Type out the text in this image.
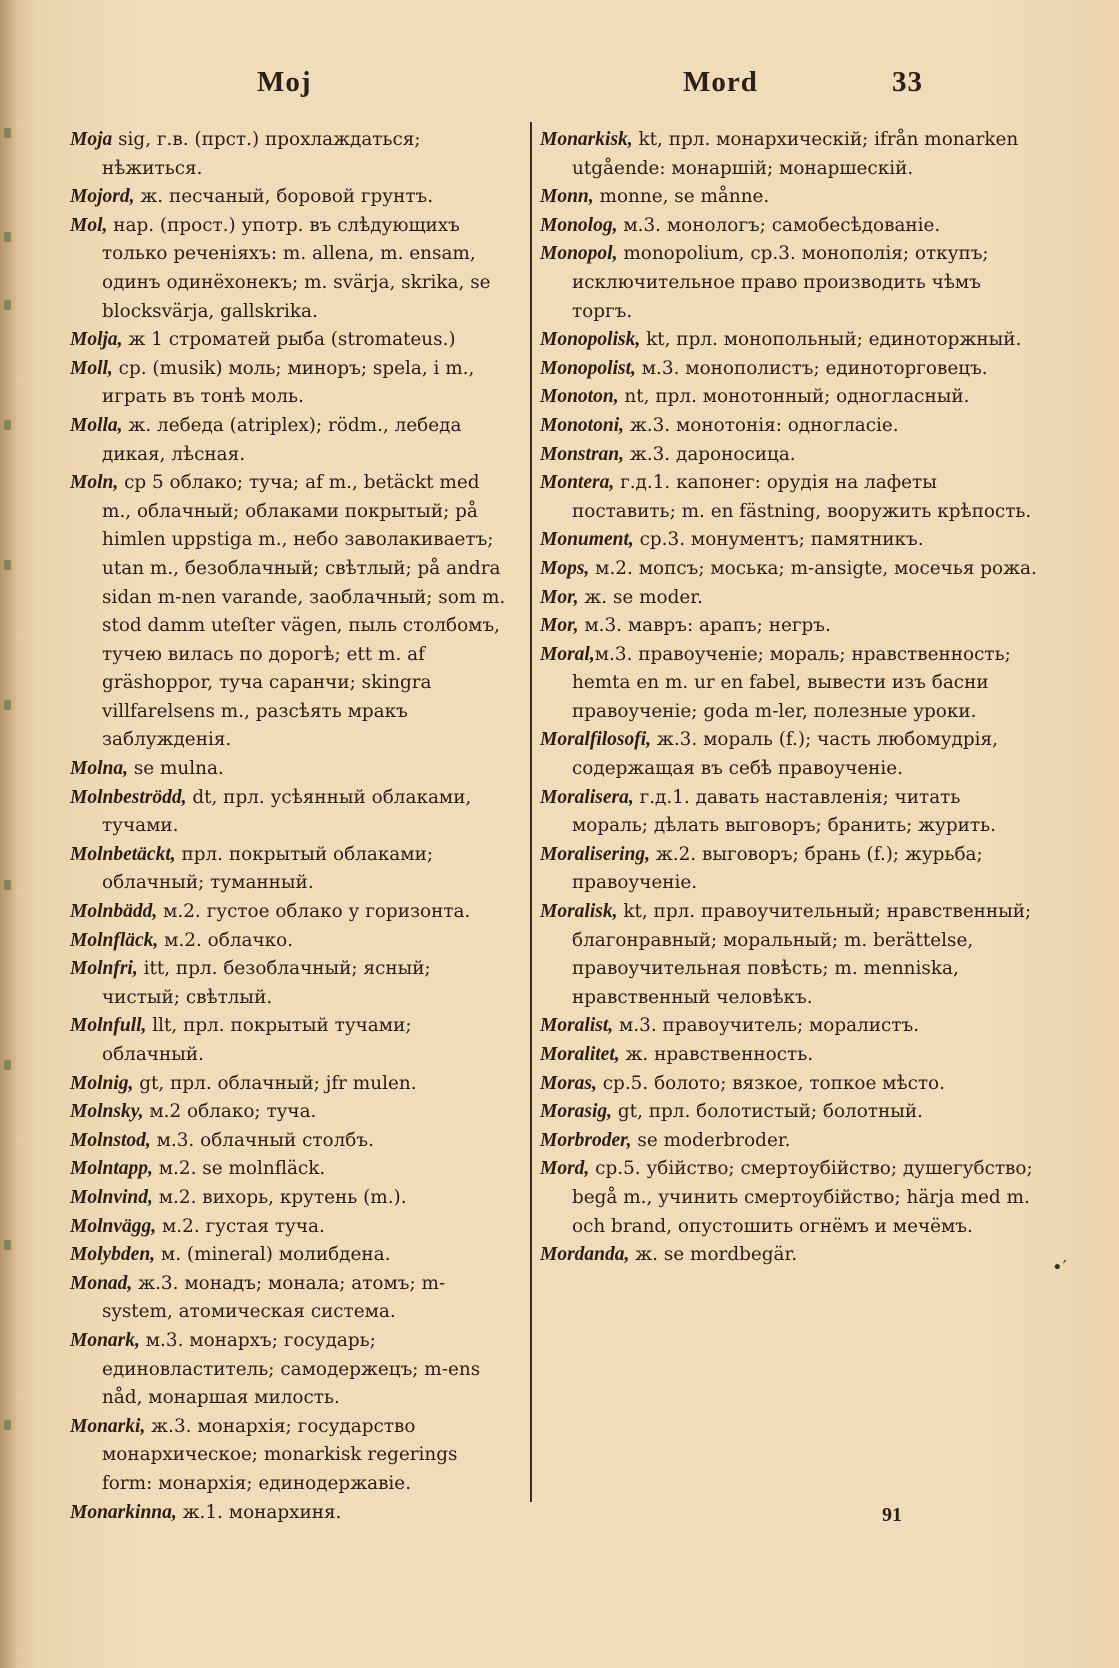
Moj	Mord	33

Moja sig, г.в. (прст.) прохлаждаться; нѣжиться.

Mojord, ж. песчаный, боровой грунтъ.

Mol, нар. (прост.) употр. въ слѣдующихъ только реченіяхъ: m. allena, m. ensam, одинъ одинёхонекъ; m. svärja, skrika, se blocksvärja, gallskrika.

Molja, ж 1 строматей рыба (stromateus.)

Moll, ср. (musik) моль; миноръ; spela, i m., играть въ тонѣ моль.

Molla, ж. лебеда (atriplex); rödm., лебеда дикая, лѣсная.

Moln, ср 5 облако; туча; af m., betäckt med m., облачный; облаками покрытый; på himlen uppstiga m., небо заволакиваетъ; utan m., безоблачный; свѣтлый; på andra sidan m-nen varande, заоблачный; som m. stod damm uteſter vägen, пыль столбомъ, тучею вилась по дорогѣ; ett m. af gräshoppor, туча саранчи; skingra villfarelsens m., разсѣять мракъ заблужденія.

Molna, se mulna.

Molnbeströdd, dt, прл. усѣянный облаками, тучами.

Molnbetäckt, прл. покрытый облаками; облачный; туманный.

Molnbädd, м.2. густое облако у горизонта.

Molnfläck, м.2. облачко.

Molnfri, itt, прл. безоблачный; ясный; чистый; свѣтлый.

Molnfull, llt, прл. покрытый тучами; облачный.

Molnig, gt, прл. облачный; jfr mulen.

Molnsky, м.2 облако; туча.

Molnstod, м.3. облачный столбъ.

Molntapp, м.2. se molnfläck.

Molnvind, м.2. вихорь, крутень (m.).

Molnvägg, м.2. густая туча.

Molybden, м. (mineral) молибдена.

Monad, ж.3. монадъ; монала; атомъ; m-system, атомическая система.

Monark, м.3. монархъ; государь; единовластитель; самодержецъ; m-ens nåd, монаршая милость.

Monarki, ж.3. монархія; государство монархическое; monarkisk regerings form: монархія; единодержавіе.

Monarkinna, ж.1. монархиня.

Monarkisk, kt, прл. монархическій; ifrån monarken utgående: монаршій; монаршескій.

Monn, monne, se månne.

Monolog, м.3. монологъ; самобесѣдованіе.

Monopol, monopolium, ср.3. монополія; откупъ; исключительное право производить чѣмъ торгъ.

Monopolisk, kt, прл. монопольный; единоторжный.

Monopolist, м.3. монополистъ; единоторговецъ.

Monoton, nt, прл. монотонный; одногласный.

Monotoni, ж.3. монотонія: одногласіе.

Monstran, ж.3. дароносица.

Montera, г.д.1. капонег: орудія на лафеты поставить; m. en fästning, вооружить крѣпость.

Monument, ср.3. монументъ; памятникъ.

Mops, м.2. мопсъ; моська; m-ansigte, мосечья рожа.

Mor, ж. se moder.

Mor, м.3. мавръ: арапъ; негръ.

Moral,м.3. правоученіе; мораль; нравственность; hemta en m. ur en fabel, вывести изъ басни правоученіе; goda m-ler, полезные уроки.

Moralfilosofi, ж.3. мораль (f.); часть любомудрія, содержащая въ себѣ правоученіе.

Moralisera, г.д.1. давать наставленія; читать мораль; дѣлать выговоръ; бранить; журить.

Moralisering, ж.2. выговоръ; брань (f.); журьба; правоученіе.

Moralisk, kt, прл. правоучительный; нравственный; благонравный; моральный; m. berättelse, правоучительная повѣсть; m. menniska, нравственный человѣкъ.

Moralist, м.3. правоучитель; моралистъ.

Moralitet, ж. нравственность.

Moras, ср.5. болото; вязкое, топкое мѣсто.

Morasig, gt, прл. болотистый; болотный.

Morbroder, se moderbroder.

Mord, ср.5. убійство; смертоубійство; душегубство; begå m., учинить смертоубійство; härja med m. och brand, опустошить огнёмъ и мечёмъ.

Mordanda, ж. se mordbegär.

•′
91
